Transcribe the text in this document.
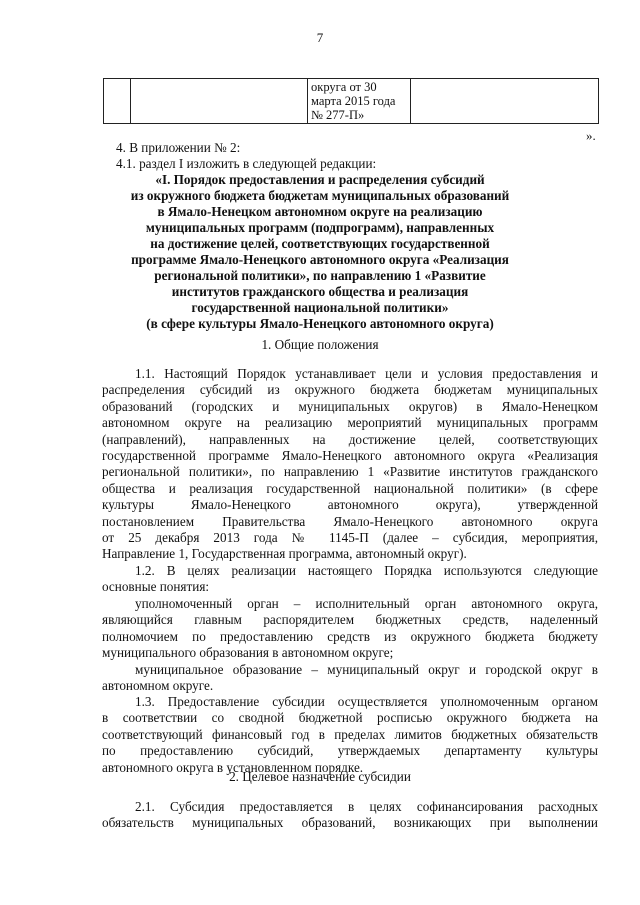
7
		округа от 30
марта 2015 года
№ 277-П»	
».
4. В приложении № 2:
4.1. раздел I изложить в следующей редакции:
«I. Порядок предоставления и распределения субсидий
из окружного бюджета бюджетам муниципальных образований
в Ямало-Ненецком автономном округе на реализацию
муниципальных программ (подпрограмм), направленных
на достижение целей, соответствующих государственной
программе Ямало-Ненецкого автономного округа «Реализация
региональной политики», по направлению 1 «Развитие
институтов гражданского общества и реализация
государственной национальной политики»
(в сфере культуры Ямало-Ненецкого автономного округа)
1. Общие положения
1.1. Настоящий Порядок устанавливает цели и условия предоставления и
распределения субсидий из окружного бюджета бюджетам муниципальных
образований (городских и муниципальных округов) в Ямало-Ненецком
автономном округе на реализацию мероприятий муниципальных программ
(направлений), направленных на достижение целей, соответствующих
государственной программе Ямало-Ненецкого автономного округа «Реализация
региональной политики», по направлению 1 «Развитие институтов гражданского
общества и реализация государственной национальной политики» (в сфере
культуры Ямало-Ненецкого автономного округа), утвержденной
постановлением Правительства Ямало-Ненецкого автономного округа
от 25 декабря 2013 года № 1145-П (далее – субсидия, мероприятия,
Направление 1, Государственная программа, автономный округ).
1.2. В целях реализации настоящего Порядка используются следующие
основные понятия:
уполномоченный орган – исполнительный орган автономного округа,
являющийся главным распорядителем бюджетных средств, наделенный
полномочием по предоставлению средств из окружного бюджета бюджету
муниципального образования в автономном округе;
муниципальное образование – муниципальный округ и городской округ в
автономном округе.
1.3. Предоставление субсидии осуществляется уполномоченным органом
в соответствии со сводной бюджетной росписью окружного бюджета на
соответствующий финансовый год в пределах лимитов бюджетных обязательств
по предоставлению субсидий, утверждаемых департаменту культуры
автономного округа в установленном порядке.
2. Целевое назначение субсидии
2.1. Субсидия предоставляется в целях софинансирования расходных
обязательств муниципальных образований, возникающих при выполнении
